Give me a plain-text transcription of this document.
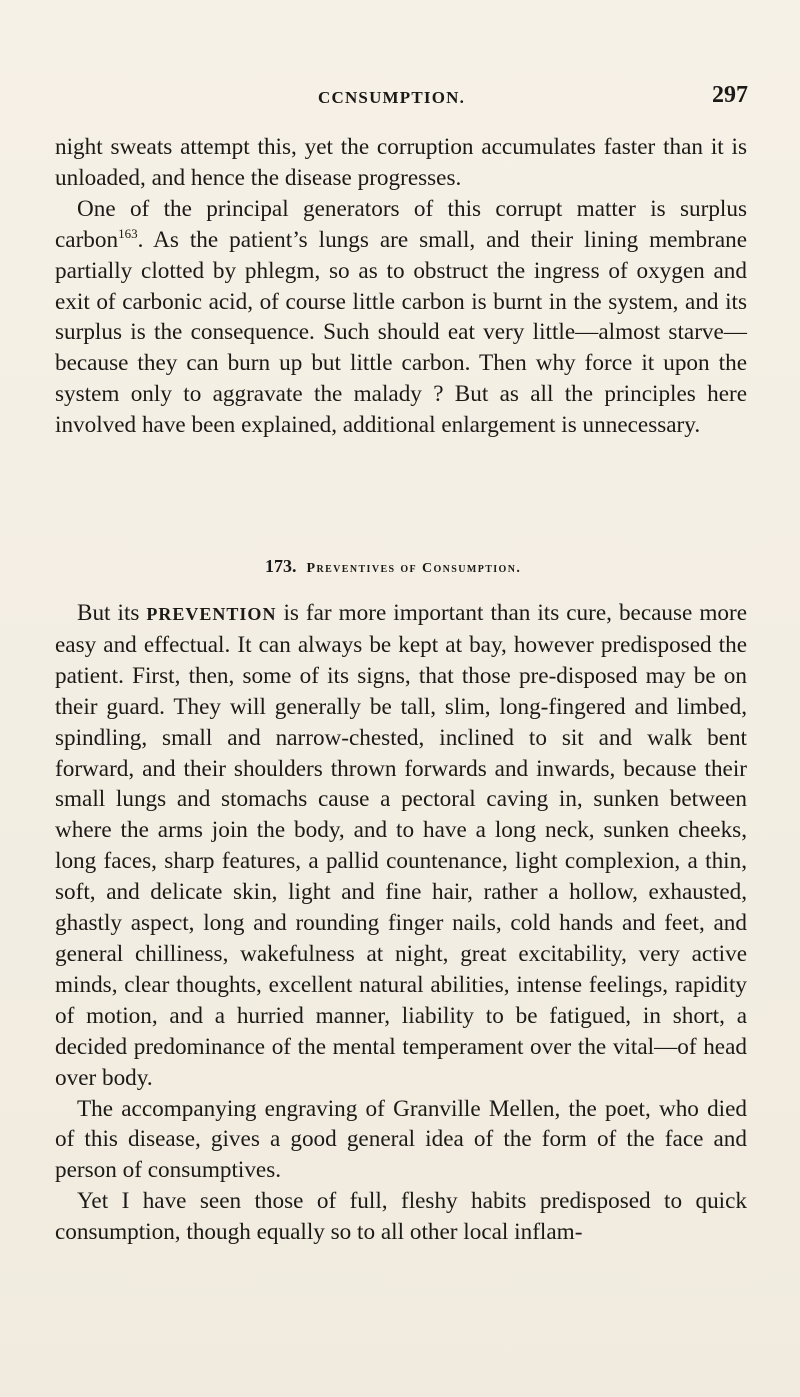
CCNSUMPTION.	297

night sweats attempt this, yet the corruption accumulates faster than it is unloaded, and hence the disease progresses.

One of the principal generators of this corrupt matter is surplus carbon$^{163}$. As the patient’s lungs are small, and their lining membrane partially clotted by phlegm, so as to obstruct the ingress of oxygen and exit of carbonic acid, of course little carbon is burnt in the system, and its surplus is the consequence. Such should eat very little—almost starve—because they can burn up but little carbon. Then why force it upon the system only to aggravate the malady ? But as all the principles here involved have been explained, additional enlargement is unnecessary.

173. Preventives of Consumption.

But its PREVENTION is far more important than its cure, because more easy and effectual. It can always be kept at bay, however predisposed the patient. First, then, some of its signs, that those pre-disposed may be on their guard. They will generally be tall, slim, long-fingered and limbed, spindling, small and narrow-chested, inclined to sit and walk bent forward, and their shoulders thrown forwards and inwards, because their small lungs and stomachs cause a pectoral caving in, sunken between where the arms join the body, and to have a long neck, sunken cheeks, long faces, sharp features, a pallid countenance, light complexion, a thin, soft, and delicate skin, light and fine hair, rather a hollow, exhausted, ghastly aspect, long and rounding finger nails, cold hands and feet, and general chilliness, wakefulness at night, great excitability, very active minds, clear thoughts, excellent natural abilities, intense feelings, rapidity of motion, and a hurried manner, liability to be fatigued, in short, a decided predominance of the mental temperament over the vital—of head over body.

The accompanying engraving of Granville Mellen, the poet, who died of this disease, gives a good general idea of the form of the face and person of consumptives.

Yet I have seen those of full, fleshy habits predisposed to quick consumption, though equally so to all other local inflam-
